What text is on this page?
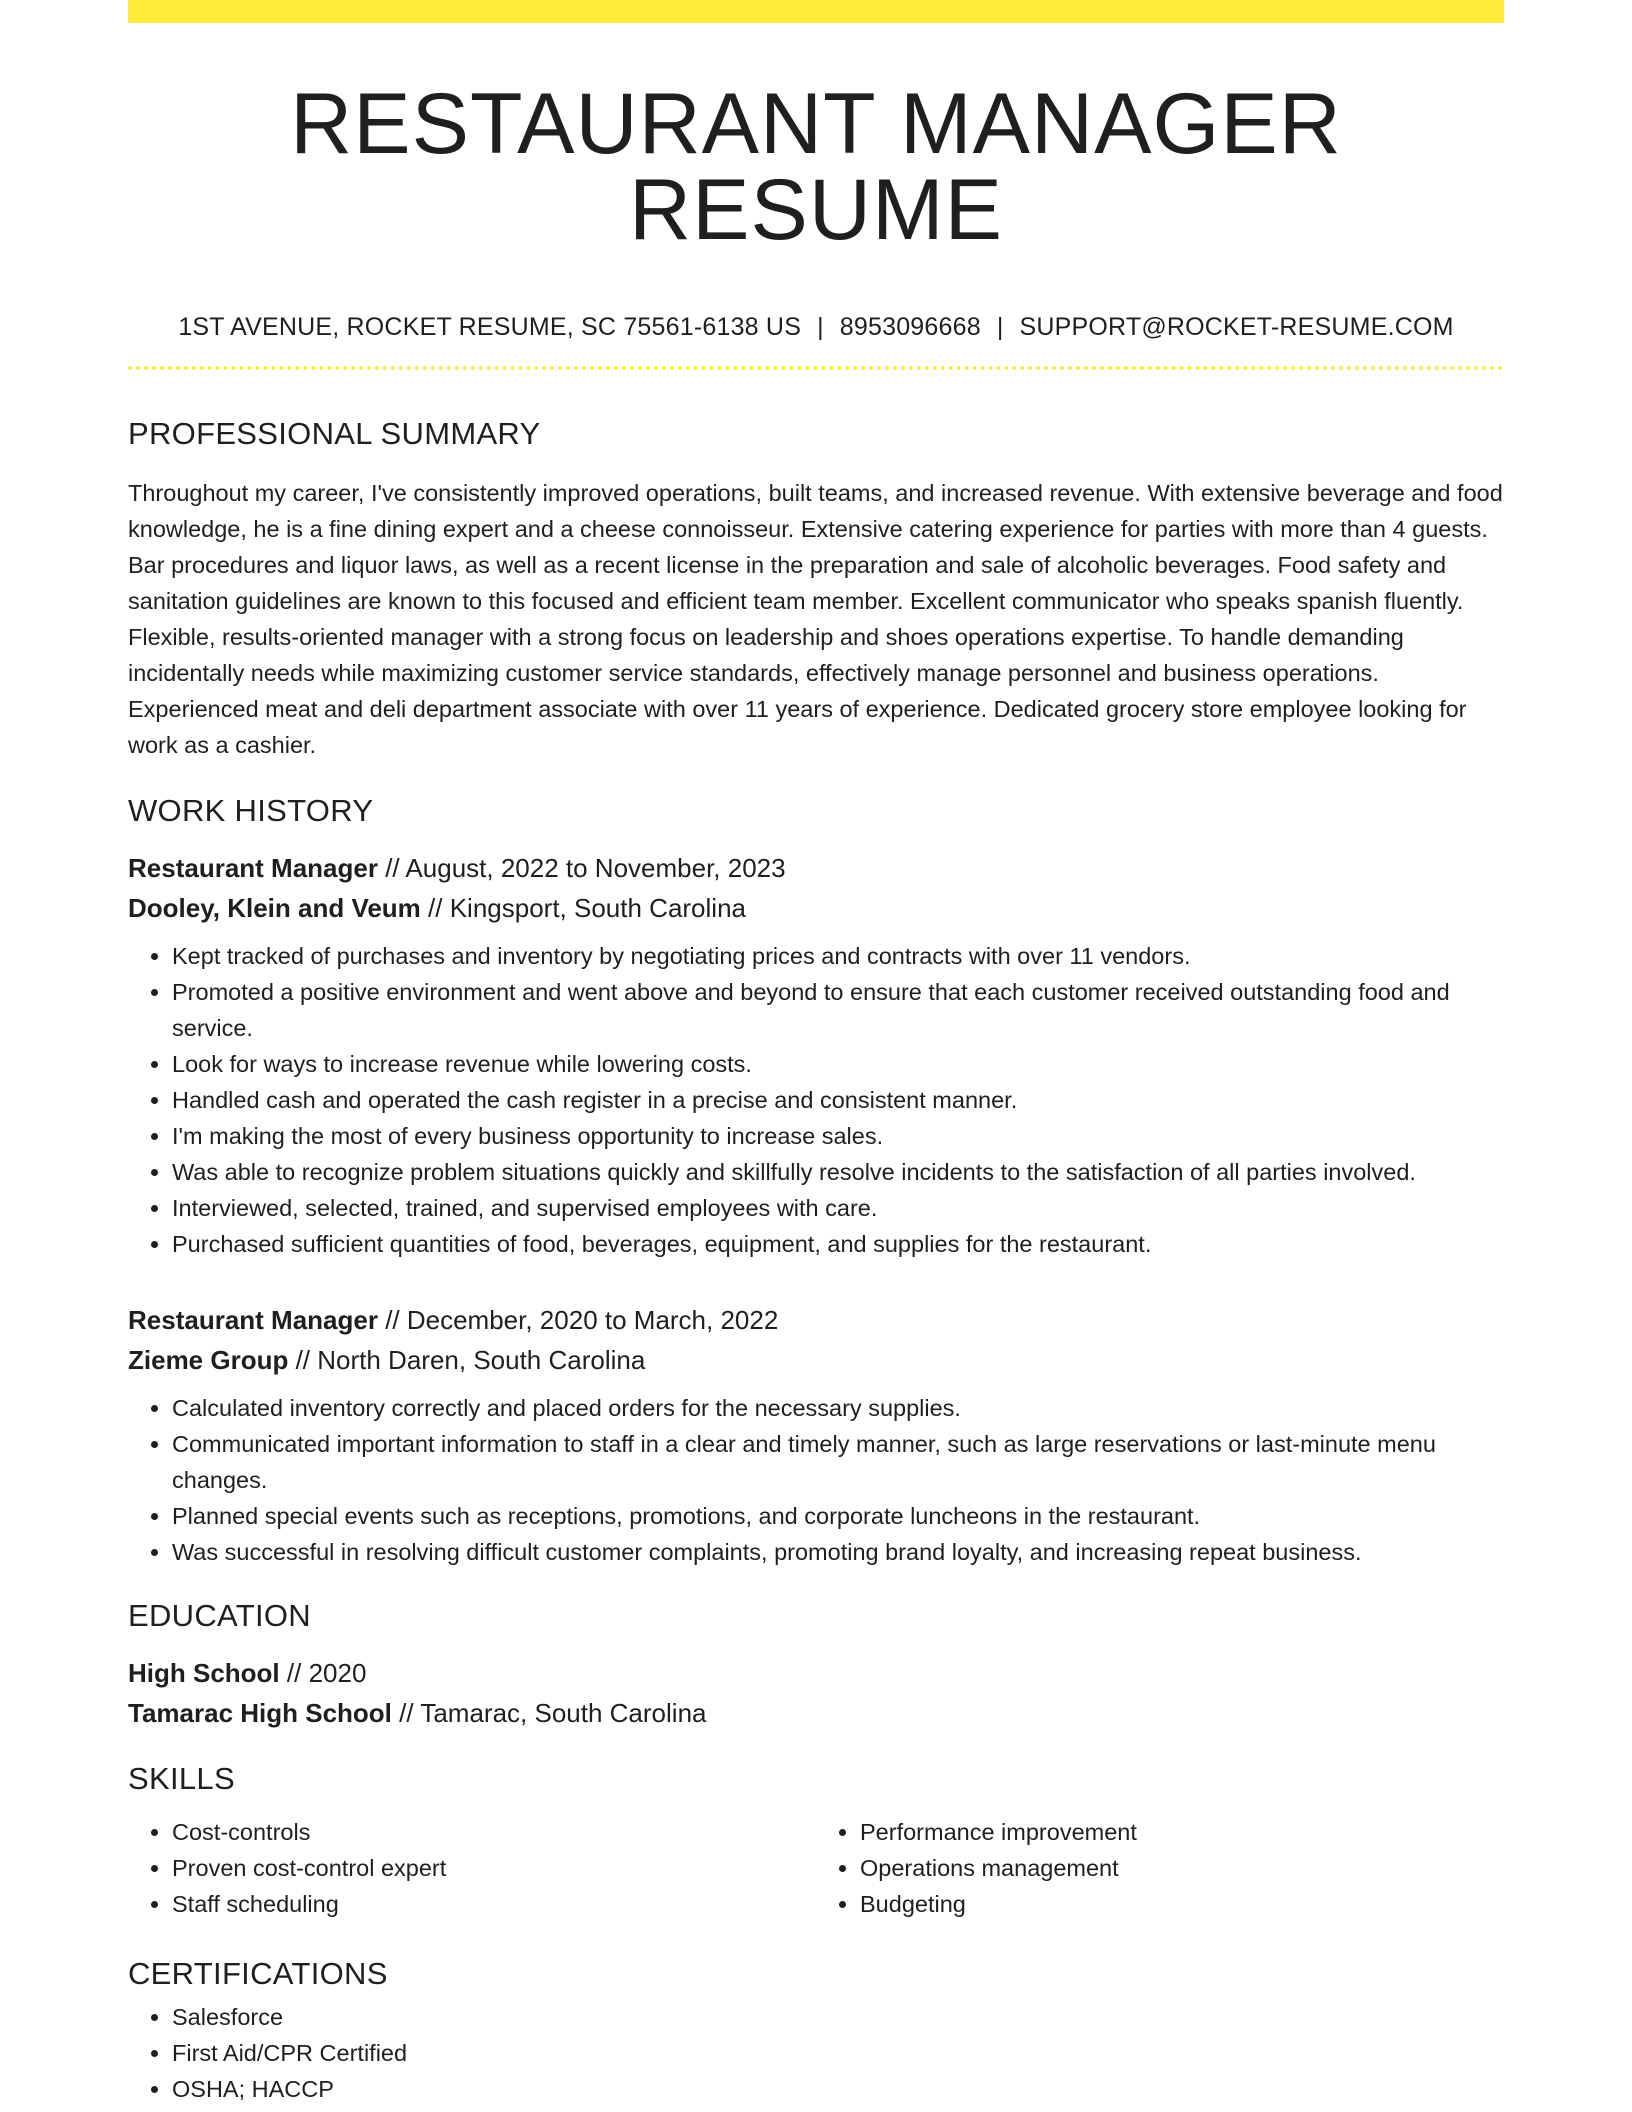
RESTAURANT MANAGER RESUME
1ST AVENUE, ROCKET RESUME, SC 75561-6138 US | 8953096668 | SUPPORT@ROCKET-RESUME.COM
PROFESSIONAL SUMMARY

Throughout my career, I've consistently improved operations, built teams, and increased revenue. With extensive beverage and food knowledge, he is a fine dining expert and a cheese connoisseur. Extensive catering experience for parties with more than 4 guests. Bar procedures and liquor laws, as well as a recent license in the preparation and sale of alcoholic beverages. Food safety and sanitation guidelines are known to this focused and efficient team member. Excellent communicator who speaks spanish fluently. Flexible, results-oriented manager with a strong focus on leadership and shoes operations expertise. To handle demanding incidentally needs while maximizing customer service standards, effectively manage personnel and business operations. Experienced meat and deli department associate with over 11 years of experience. Dedicated grocery store employee looking for work as a cashier.

WORK HISTORY

Restaurant Manager // August, 2022 to November, 2023

Dooley, Klein and Veum // Kingsport, South Carolina

• Kept tracked of purchases and inventory by negotiating prices and contracts with over 11 vendors.
• Promoted a positive environment and went above and beyond to ensure that each customer received outstanding food and service.
• Look for ways to increase revenue while lowering costs.
• Handled cash and operated the cash register in a precise and consistent manner.
• I'm making the most of every business opportunity to increase sales.
• Was able to recognize problem situations quickly and skillfully resolve incidents to the satisfaction of all parties involved.
• Interviewed, selected, trained, and supervised employees with care.
• Purchased sufficient quantities of food, beverages, equipment, and supplies for the restaurant.

Restaurant Manager // December, 2020 to March, 2022

Zieme Group // North Daren, South Carolina

• Calculated inventory correctly and placed orders for the necessary supplies.
• Communicated important information to staff in a clear and timely manner, such as large reservations or last-minute menu changes.
• Planned special events such as receptions, promotions, and corporate luncheons in the restaurant.
• Was successful in resolving difficult customer complaints, promoting brand loyalty, and increasing repeat business.
EDUCATION

High School // 2020

Tamarac High School // Tamarac, South Carolina

SKILLS
• Cost-controls
• Proven cost-control expert
• Staff scheduling
• Performance improvement
• Operations management
• Budgeting
CERTIFICATIONS
• Salesforce
• First Aid/CPR Certified
• OSHA; HACCP
